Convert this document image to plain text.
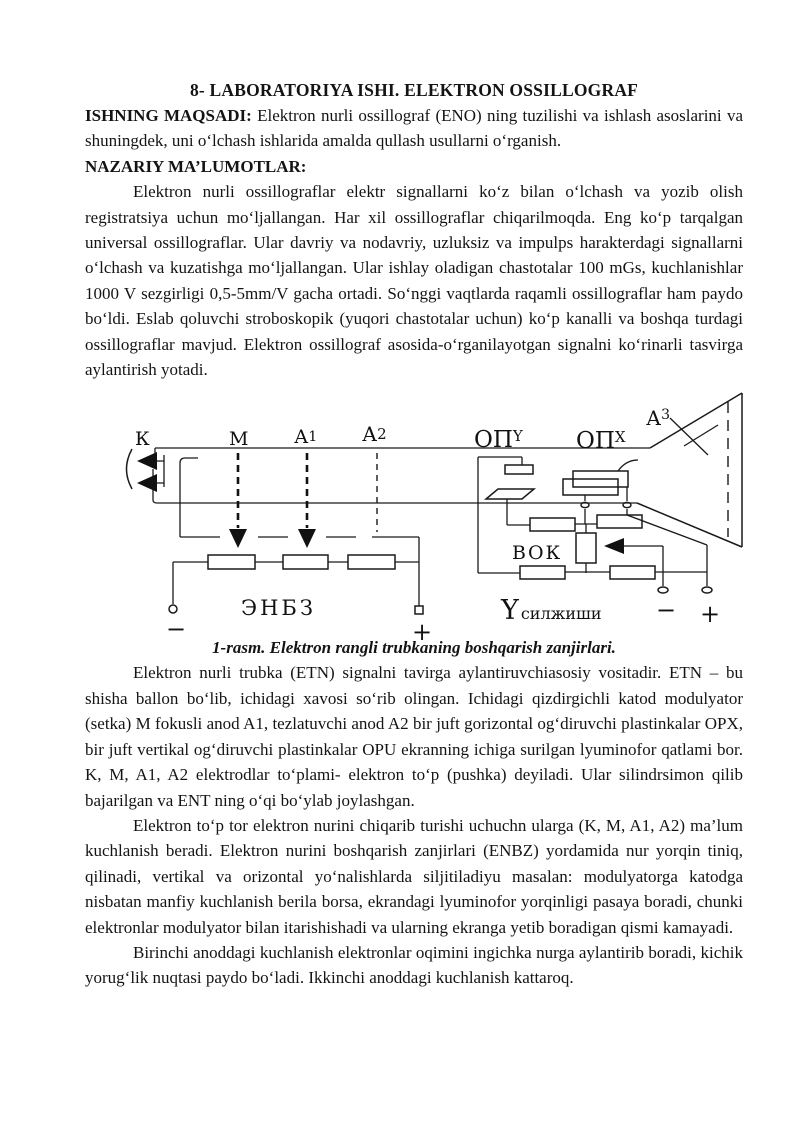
8- LABORATORIYA ISHI. ELEKTRON OSSILLOGRAF

ISHNING MAQSADI: Elektron nurli ossillograf (ENO) ning tuzilishi va ishlash asoslarini va shuningdek, uni o‘lchash ishlarida amalda qullash usullarni o‘rganish.

NAZARIY MA’LUMOTLAR:

Elektron nurli ossillograflar elektr signallarni ko‘z bilan o‘lchash va yozib olish registratsiya uchun mo‘ljallangan. Har xil ossillograflar chiqarilmoqda. Eng ko‘p tarqalgan universal ossillograflar. Ular davriy va nodavriy, uzluksiz va impulps harakterdagi signallarni o‘lchash va kuzatishga mo‘ljallangan. Ular ishlay oladigan chastotalar 100 mGs, kuchlanishlar 1000 V sezgirligi 0,5-5mm/V gacha ortadi. So‘nggi vaqtlarda raqamli ossillograflar ham paydo bo‘ldi. Eslab qoluvchi stroboskopik (yuqori chastotalar uchun) ko‘p kanalli va boshqa turdagi ossillograflar mavjud. Elektron ossillograf asosida-o‘rganilayotgan signalni ko‘rinarli tasvirga aylantirish yotadi.

К	М А1 А2	$ОП^Y$ $ОП^X$
$А^3$
ЭНБЗ
ВОК
Yсилжиши
−	+
− +

1-rasm. Elektron rangli trubkaning boshqarish zanjirlari.

Elektron nurli trubka (ETN) signalni tavirga aylantiruvchiasosiy vositadir. ETN – bu shisha ballon bo‘lib, ichidagi xavosi so‘rib olingan. Ichidagi qizdirgichli katod modulyator (setka) M fokusli anod A1, tezlatuvchi anod A2 bir juft gorizontal og‘diruvchi plastinkalar OPX, bir juft vertikal og‘diruvchi plastinkalar OPU ekranning ichiga surilgan lyuminofor qatlami bor. K, M, A1, A2 elektrodlar to‘plami- elektron to‘p (pushka) deyiladi. Ular silindrsimon qilib bajarilgan va ENT ning o‘qi bo‘ylab joylashgan.

Elektron to‘p tor elektron nurini chiqarib turishi uchuchn ularga (K, M, A1, A2) ma’lum kuchlanish beradi. Elektron nurini boshqarish zanjirlari (ENBZ) yordamida nur yorqin tiniq, qilinadi, vertikal va orizontal yo‘nalishlarda siljitiladiyu masalan: modulyatorga katodga nisbatan manfiy kuchlanish berila borsa, ekrandagi lyuminofor yorqinligi pasaya boradi, chunki elektronlar modulyator bilan itarishishadi va ularning ekranga yetib boradigan qismi kamayadi.

Birinchi anoddagi kuchlanish elektronlar oqimini ingichka nurga aylantirib boradi, kichik yorug‘lik nuqtasi paydo bo‘ladi. Ikkinchi anoddagi kuchlanish kattaroq.
